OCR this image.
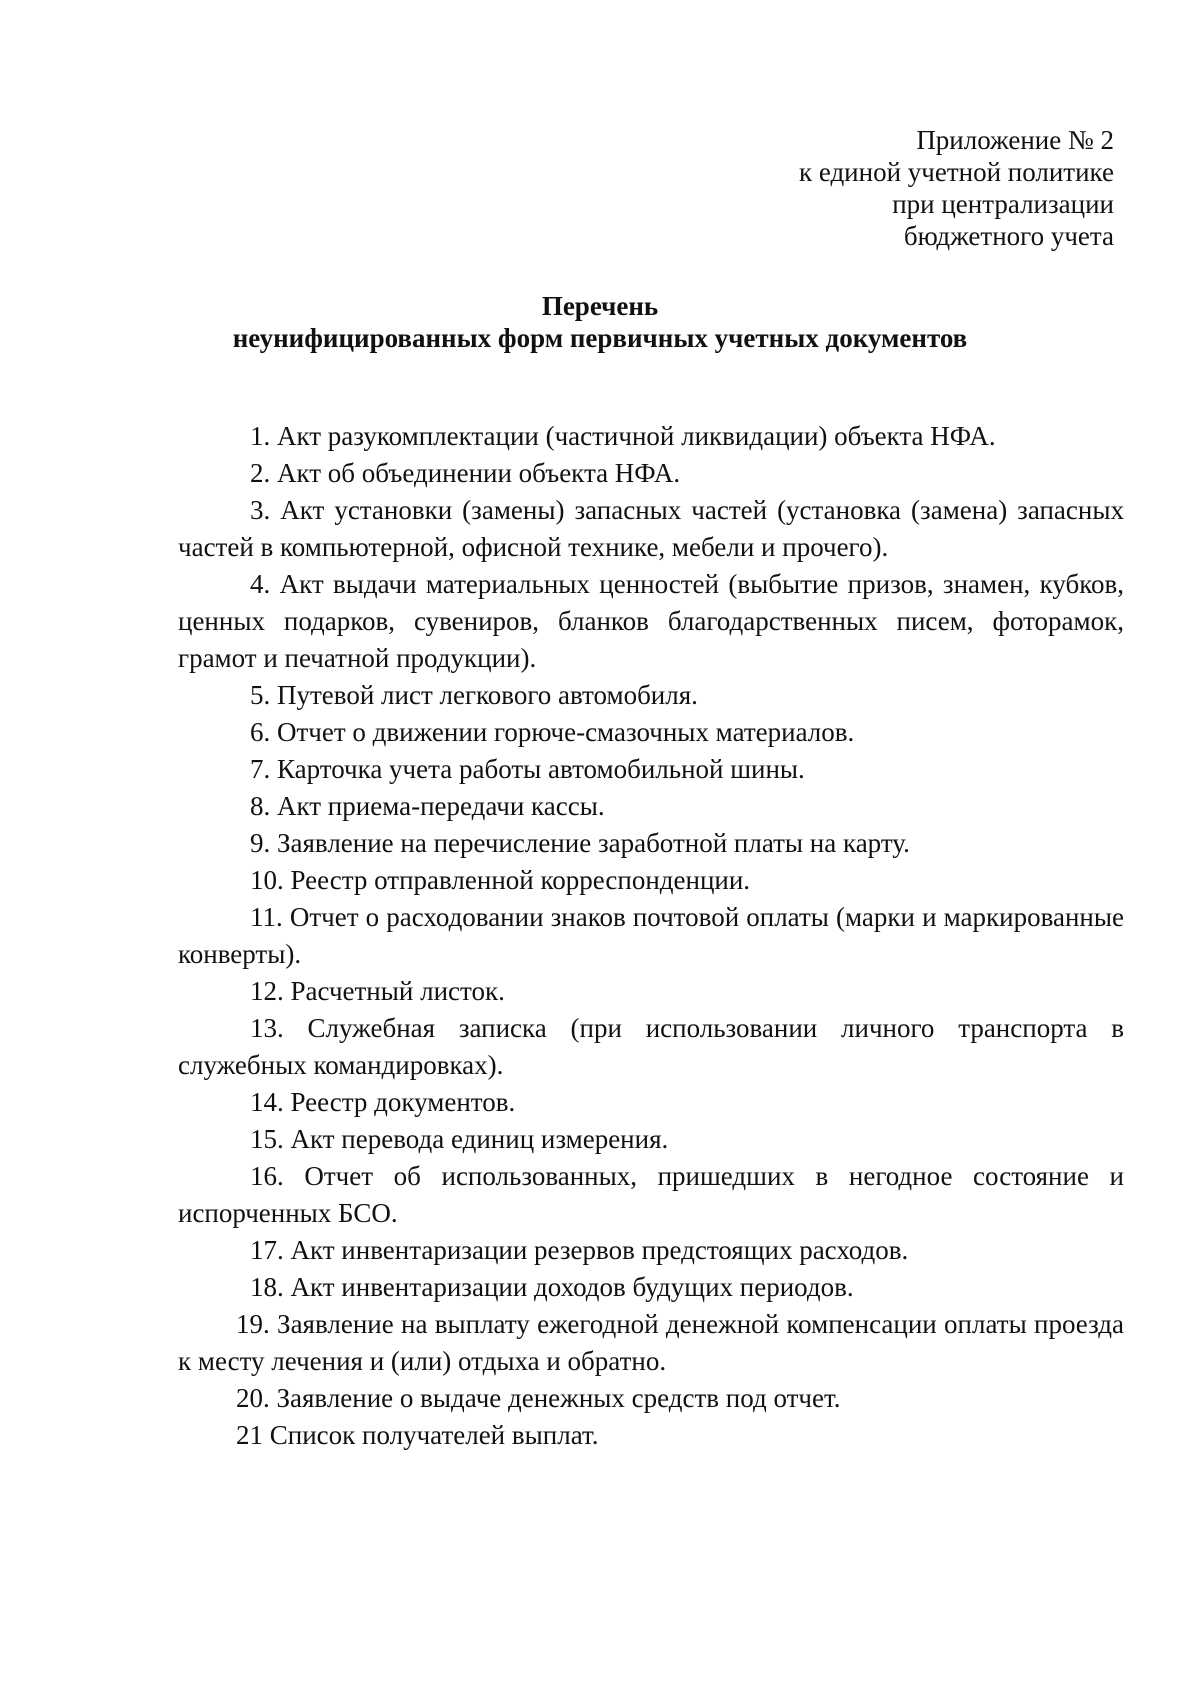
Приложение № 2
к единой учетной политике
при централизации
бюджетного учета
Перечень
неунифицированных форм первичных учетных документов

1. Акт разукомплектации (частичной ликвидации) объекта НФА.

2. Акт об объединении объекта НФА.

3. Акт установки (замены) запасных частей (установка (замена) запасных частей в компьютерной, офисной технике, мебели и прочего).

4. Акт выдачи материальных ценностей (выбытие призов, знамен, кубков, ценных подарков, сувениров, бланков благодарственных писем, фоторамок, грамот и печатной продукции).

5. Путевой лист легкового автомобиля.

6. Отчет о движении горюче-смазочных материалов.

7. Карточка учета работы автомобильной шины.

8. Акт приема-передачи кассы.

9. Заявление на перечисление заработной платы на карту.

10. Реестр отправленной корреспонденции.

11. Отчет о расходовании знаков почтовой оплаты (марки и маркированные конверты).

12. Расчетный листок.

13. Служебная записка (при использовании личного транспорта в служебных командировках).

14. Реестр документов.

15. Акт перевода единиц измерения.

16. Отчет об использованных, пришедших в негодное состояние и испорченных БСО.

17. Акт инвентаризации резервов предстоящих расходов.

18. Акт инвентаризации доходов будущих периодов.

19. Заявление на выплату ежегодной денежной компенсации оплаты проезда к месту лечения и (или) отдыха и обратно.

20. Заявление о выдаче денежных средств под отчет.

21 Список получателей выплат.
